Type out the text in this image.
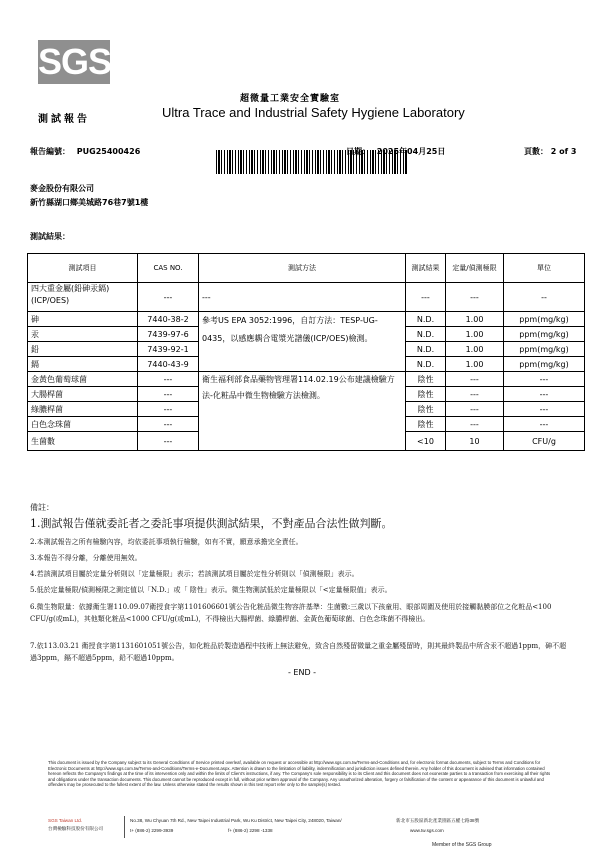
SGS
超微量工業安全實驗室
Ultra Trace and Industrial Safety Hygiene Laboratory
測試報告
報告編號： PUG25400426	日期： 2025年04月25日	頁數： 2 of 3
麥金股份有限公司
新竹縣湖口鄉美城路76巷7號1樓
測試結果：
測試項目	CAS NO.	測試方法	測試結果	定量/偵測極限	單位
四大重金屬(鉛砷汞鎘)(ICP/OES)	---	---	---	---	--
砷	7440-38-2	參考US EPA 3052:1996，自訂方法：TESP-UG-0435，以感應耦合電漿光譜儀(ICP/OES)檢測。	N.D.	1.00	ppm(mg/kg)
汞	7439-97-6		N.D.	1.00	ppm(mg/kg)
鉛	7439-92-1		N.D.	1.00	ppm(mg/kg)
鎘	7440-43-9		N.D.	1.00	ppm(mg/kg)
金黃色葡萄球菌	---	衛生福利部食品藥物管理署114.02.19公布建議檢驗方法-化粧品中微生物檢驗方法檢測。	陰性	---	---
大腸桿菌	---		陰性	---	---
綠膿桿菌	---		陰性	---	---
白色念珠菌	---		陰性	---	---
生菌數	---		<10	10	CFU/g
備註：
1.測試報告僅就委託者之委託事項提供測試結果，不對產品合法性做判斷。
2.本測試報告之所有檢驗內容，均依委託事項執行檢驗，如有不實，願意承擔完全責任。
3.本報告不得分離，分離使用無效。
4.若該測試項目屬於定量分析則以「定量極限」表示；若該測試項目屬於定性分析則以「偵測極限」表示。
5.低於定量極限/偵測極限之測定值以「N.D.」或「 陰性」表示。微生物測試低於定量極限以「<定量極限值」表示。
6.微生物限量：依據衛生署110.09.07衛授食字第1101606601號公告化粧品微生物容許基準：生菌數:三歲以下孩童用、眼部周圍及使用於接觸黏膜部位之化粧品<100 CFU/g(或mL)，其他類化粧品<1000 CFU/g(或mL)，不得檢出大腸桿菌、綠膿桿菌、金黃色葡萄球菌、白色念珠菌不得檢出。
7.依113.03.21 衛授食字第1131601051號公告，如化粧品於製造過程中技術上無法避免，致含自然殘留微量之重金屬殘留時，則其最終製品中所含汞不超過1ppm，砷不超過3ppm，鎘不超過5ppm，鉛不超過10ppm。
- END -
This document is issued by the Company subject to its General Conditions of Service printed overleaf, available on request or accessible at http://www.sgs.com.tw/Terms-and-Conditions and, for electronic format documents, subject to Terms and Conditions for Electronic Documents at http://www.sgs.com.tw/Terms-and-Conditions/Terms-e-Document.aspx. Attention is drawn to the limitation of liability, indemnification and jurisdiction issues defined therein. Any holder of this document is advised that information contained hereon reflects the Company's findings at the time of its intervention only and within the limits of Client's instructions, if any. The Company's sole responsibility is to its Client and this document does not exonerate parties to a transaction from exercising all their rights and obligations under the transaction documents. This document cannot be reproduced except in full, without prior written approval of the Company. Any unauthorized alteration, forgery or falsification of the content or appearance of this document is unlawful and offenders may be prosecuted to the fullest extent of the law. Unless otherwise stated the results shown in this test report refer only to the sample(s) tested.
SGS Taiwan Ltd.
台灣檢驗科技股份有限公司
No.38, Wu Chyuan 7th Rd., New Taipei Industrial Park, Wu Ku District, New Taipei City, 248020, Taiwan/	新北市五股區新北產業園區五權七路38號
t+ (886-2) 2299-3939	f+ (886-2) 2298 -1338	www.tw.sgs.com
Member of the SGS Group
